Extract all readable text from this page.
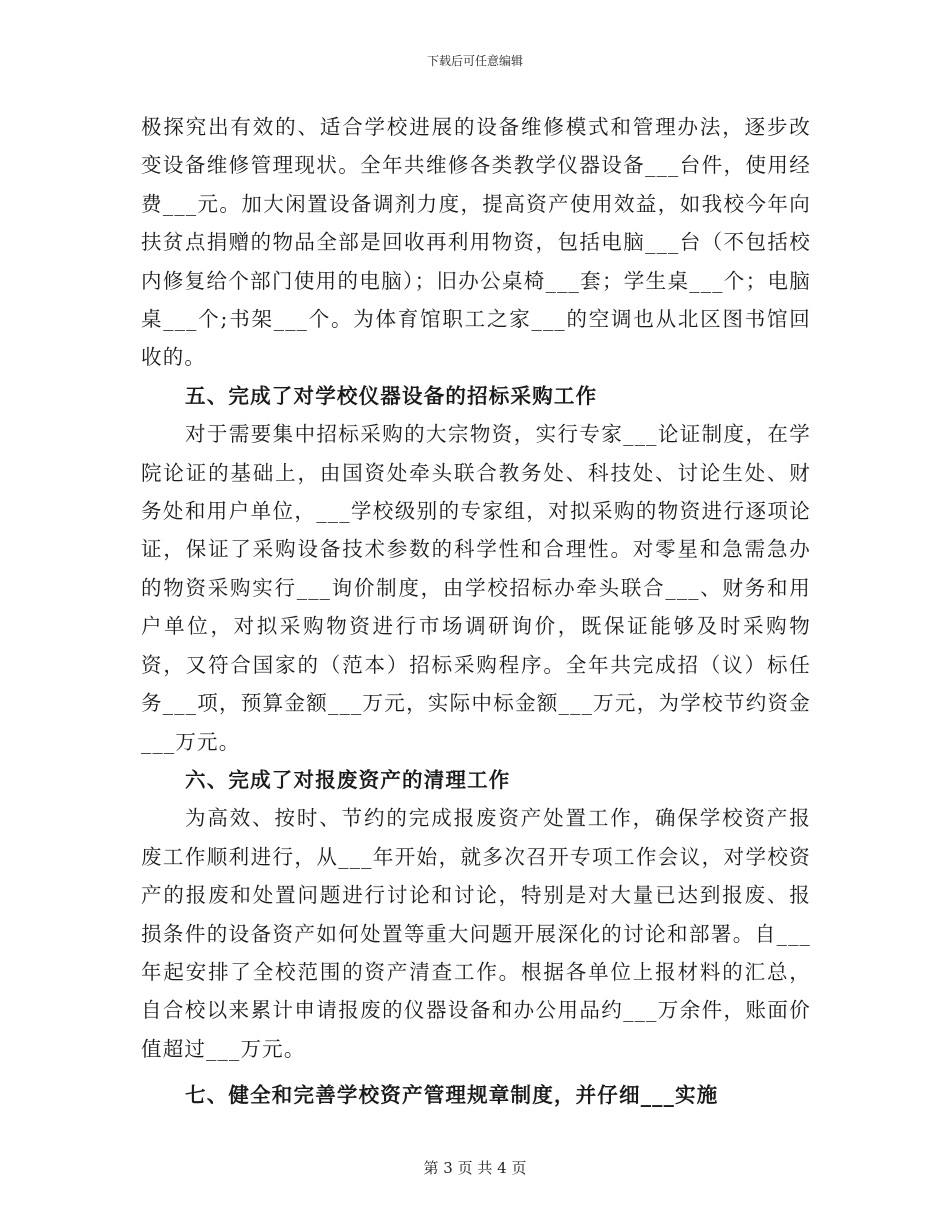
下载后可任意编辑

极探究出有效的、适合学校进展的设备维修模式和管理办法，逐步改变设备维修管理现状。全年共维修各类教学仪器设备___台件，使用经费___元。加大闲置设备调剂力度，提高资产使用效益，如我校今年向扶贫点捐赠的物品全部是回收再利用物资，包括电脑___台（不包括校内修复给个部门使用的电脑）；旧办公桌椅___套；学生桌___个；电脑桌___个;书架___个。为体育馆职工之家___的空调也从北区图书馆回收的。

五、完成了对学校仪器设备的招标采购工作

对于需要集中招标采购的大宗物资，实行专家___论证制度，在学院论证的基础上，由国资处牵头联合教务处、科技处、讨论生处、财务处和用户单位，___学校级别的专家组，对拟采购的物资进行逐项论证，保证了采购设备技术参数的科学性和合理性。对零星和急需急办的物资采购实行___询价制度，由学校招标办牵头联合___、财务和用户单位，对拟采购物资进行市场调研询价，既保证能够及时采购物资，又符合国家的（范本）招标采购程序。全年共完成招（议）标任务___项，预算金额___万元，实际中标金额___万元，为学校节约资金___万元。

六、完成了对报废资产的清理工作

为高效、按时、节约的完成报废资产处置工作，确保学校资产报废工作顺利进行，从___年开始，就多次召开专项工作会议，对学校资产的报废和处置问题进行讨论和讨论，特别是对大量已达到报废、报损条件的设备资产如何处置等重大问题开展深化的讨论和部署。自___年起安排了全校范围的资产清查工作。根据各单位上报材料的汇总，自合校以来累计申请报废的仪器设备和办公用品约___万余件，账面价值超过___万元。

七、健全和完善学校资产管理规章制度，并仔细___实施

第 3 页 共 4 页
